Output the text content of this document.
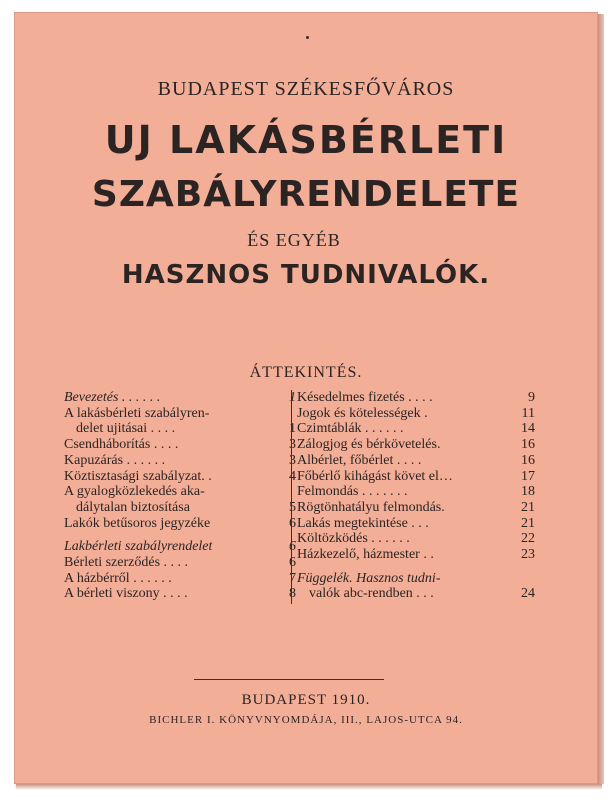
BUDAPEST SZÉKESFŐVÁROS
UJ LAKÁSBÉRLETI
SZABÁLYRENDELETE
ÉS EGYÉB
HASZNOS TUDNIVALÓK.
ÁTTEKINTÉS.
Bevezetés . . . . . .	1
A lakásbérleti szabályren-
delet ujitásai . . . .	1
Csendháborítás . . . .	3
Kapuzárás . . . . . .	3
Köztisztasági szabályzat. .	4
A gyalogközlekedés aka-
dálytalan biztosítása	5
Lakók betűsoros jegyzéke	6
Lakbérleti szabályrendelet	6
Bérleti szerződés . . . .	6
A házbérről . . . . . .	7
A bérleti viszony . . . .	8
Késedelmes fizetés . . . .	9
Jogok és kötelességek .	11
Czimtáblák . . . . . .	14
Zálogjog és bérkövetelés.	16
Albérlet, főbérlet . . . .	16
Főbérlő kihágást követ el…	17
Felmondás . . . . . . .	18
Rögtönhatályu felmondás.	21
Lakás megtekintése . . .	21
Költözködés . . . . . .	22
Házkezelő, házmester . .	23
Függelék. Hasznos tudni-
valók abc-rendben . . .	24
BUDAPEST 1910.
BICHLER I. KÖNYVNYOMDÁJA, III., LAJOS-UTCA 94.
